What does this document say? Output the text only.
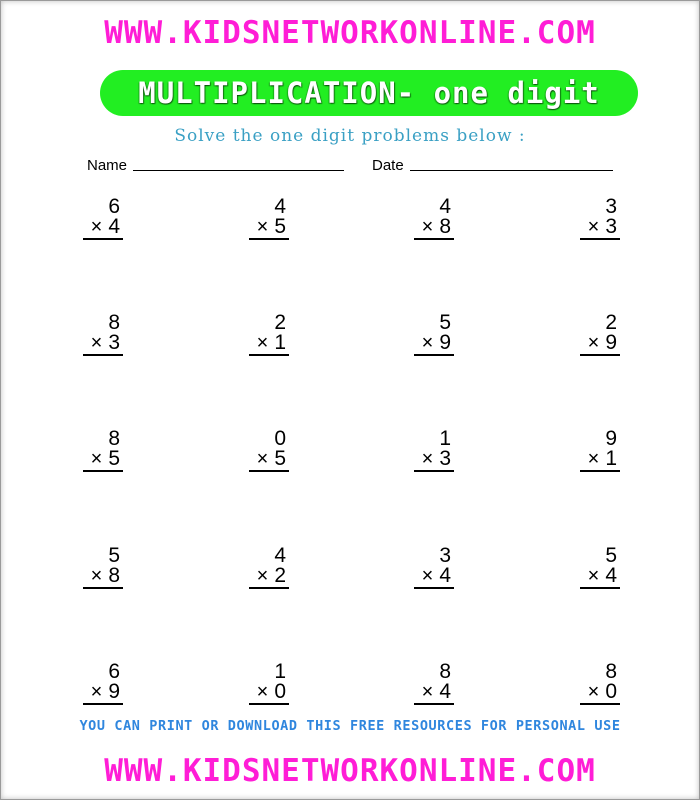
WWW.KIDSNETWORKONLINE.COM
MULTIPLICATION- one digit
Solve the one digit problems below :
Name	Date
6
× 4
4
× 5
4
× 8
3
× 3
8
× 3
2
× 1
5
× 9
2
× 9
8
× 5
0
× 5
1
× 3
9
× 1
5
× 8
4
× 2
3
× 4
5
× 4
6
× 9
1
× 0
8
× 4
8
× 0
YOU CAN PRINT OR DOWNLOAD THIS FREE RESOURCES FOR PERSONAL USE
WWW.KIDSNETWORKONLINE.COM
